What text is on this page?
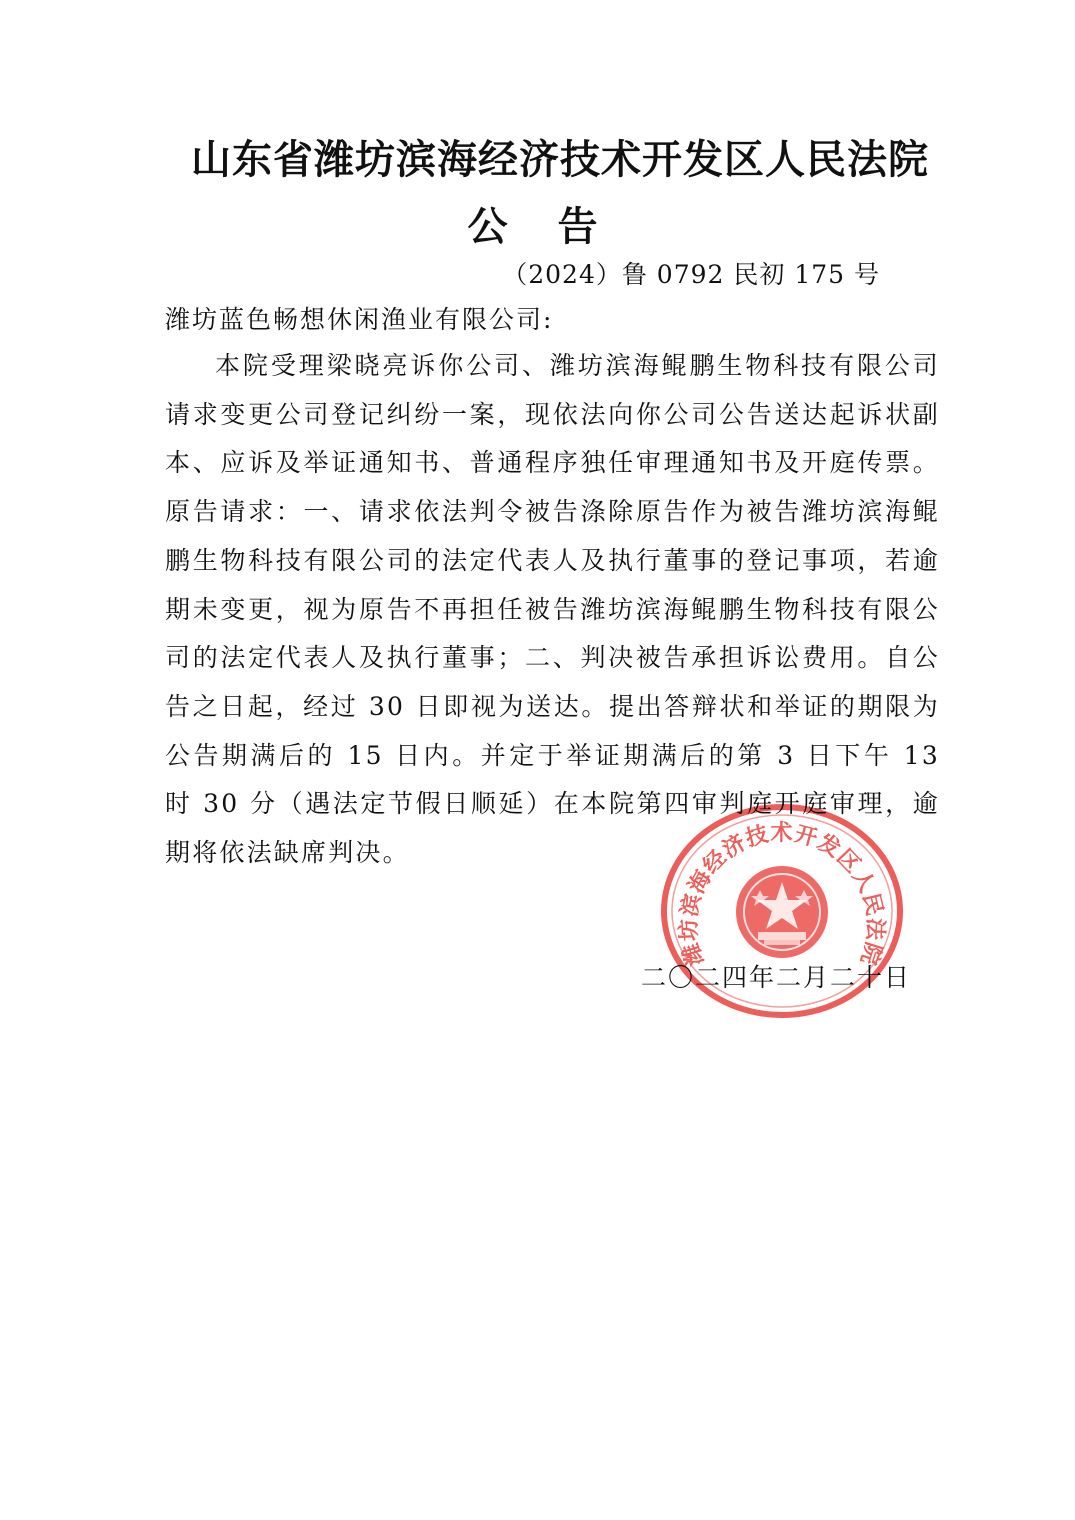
山东省潍坊滨海经济技术开发区人民法院
公 告
（2024）鲁 0792 民初 175 号
潍坊蓝色畅想休闲渔业有限公司:

本院受理梁晓亮诉你公司、潍坊滨海鲲鹏生物科技有限公司请求变更公司登记纠纷一案，现依法向你公司公告送达起诉状副本、应诉及举证通知书、普通程序独任审理通知书及开庭传票。原告请求：一、请求依法判令被告涤除原告作为被告潍坊滨海鲲鹏生物科技有限公司的法定代表人及执行董事的登记事项，若逾期未变更，视为原告不再担任被告潍坊滨海鲲鹏生物科技有限公司的法定代表人及执行董事；二、判决被告承担诉讼费用。自公告之日起，经过 30 日即视为送达。提出答辩状和举证的期限为公告期满后的 15 日内。并定于举证期满后的第 3 日下午 13 时 30 分（遇法定节假日顺延）在本院第四审判庭开庭审理，逾期将依法缺席判决。

二〇二四年二月二十日
潍坊滨海经济技术开发区人民法院
